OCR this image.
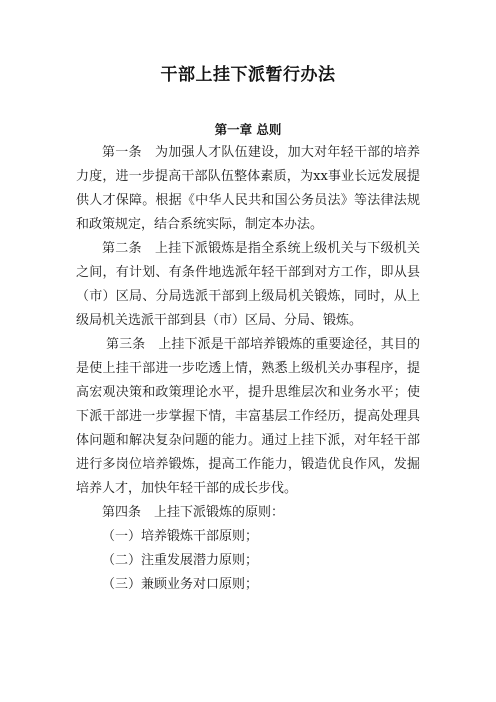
干部上挂下派暂行办法
第一章 总则

第一条　为加强人才队伍建设，加大对年轻干部的培养力度，进一步提高干部队伍整体素质，为xx事业长远发展提供人才保障。根据《中华人民共和国公务员法》等法律法规和政策规定，结合系统实际，制定本办法。

第二条　上挂下派锻炼是指全系统上级机关与下级机关之间，有计划、有条件地选派年轻干部到对方工作，即从县（市）区局、分局选派干部到上级局机关锻炼，同时，从上级局机关选派干部到县（市）区局、分局、锻炼。

第三条　上挂下派是干部培养锻炼的重要途径，其目的是使上挂干部进一步吃透上情，熟悉上级机关办事程序，提高宏观决策和政策理论水平，提升思维层次和业务水平；使下派干部进一步掌握下情，丰富基层工作经历，提高处理具体问题和解决复杂问题的能力。通过上挂下派，对年轻干部进行多岗位培养锻炼，提高工作能力，锻造优良作风，发掘培养人才，加快年轻干部的成长步伐。

第四条　上挂下派锻炼的原则：

（一）培养锻炼干部原则；

（二）注重发展潜力原则；

（三）兼顾业务对口原则；
